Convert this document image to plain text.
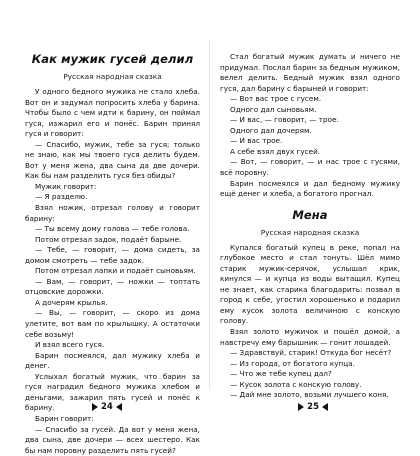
Как мужик гусей делил
Русская народная сказка

У одного бедного мужика не стало хлеба. Вот он и задумал попросить хлеба у барина. Чтобы было с чем идти к барину, он поймал гуся, изжарил его и понёс. Барин принял гуся и говорит:

— Спасибо, мужик, тебе за гуся; только не знаю, как мы твоего гуся делить будем. Вот у меня жена, два сына да две дочери. Как бы нам разделить гуся без обиды?

Мужик говорит:

— Я разделю.

Взял ножик, отрезал голову и говорит барину:

— Ты всему дому голова — тебе голова.

Потом отрезал задок, подаёт барыне.

— Тебе, — говорит, — дома сидеть, за домом смотреть — тебе задок.

Потом отрезал лапки и подаёт сыновьям.

— Вам, — говорит, — ножки — топтать отцовские дорожки.

А дочерям крылья.

— Вы, — говорит, — скоро из дома улетите, вот вам по крылышку. А остаточки себе возьму!

И взял всего гуся.

Барин посмеялся, дал мужику хлеба и денег.

Услыхал богатый мужик, что барин за гуся наградил бедного мужика хлебом и деньгами, зажарил пять гусей и понёс к барину.

Барин говорит:

— Спасибо за гусей. Да вот у меня жена, два сына, две дочери — всех шестеро. Как бы нам поровну разделить пять гусей?

24

Стал богатый мужик думать и ничего не придумал. Послал барин за бедным мужиком, велел делить. Бедный мужик взял одного гуся, дал барину с барыней и говорит:

— Вот вас трое с гусем.

Одного дал сыновьям.

— И вас, — говорит, — трое.

Одного дал дочерям.

— И вас трое.

А себе взял двух гусей.

— Вот, — говорит, — и нас трое с гусями, всё поровну.

Барин посмеялся и дал бедному мужику ещё денег и хлеба, а богатого прогнал.

Мена
Русская народная сказка

Купался богатый купец в реке, попал на глубокое место и стал тонуть. Шёл мимо старик мужик-серячок, услышал крик, кинулся — и купца из воды вытащил. Купец не знает, как старика благодарить: позвал в город к себе, угостил хорошенько и подарил ему кусок золота величиною с конскую голову.

Взял золото мужичок и пошёл домой, а навстречу ему барышник — гонит лошадей.

— Здравствуй, старик! Откуда бог несёт?

— Из города, от богатого купца.

— Что же тебе купец дал?

— Кусок золота с конскую голову.

— Дай мне золото, возьми лучшего коня.

25
